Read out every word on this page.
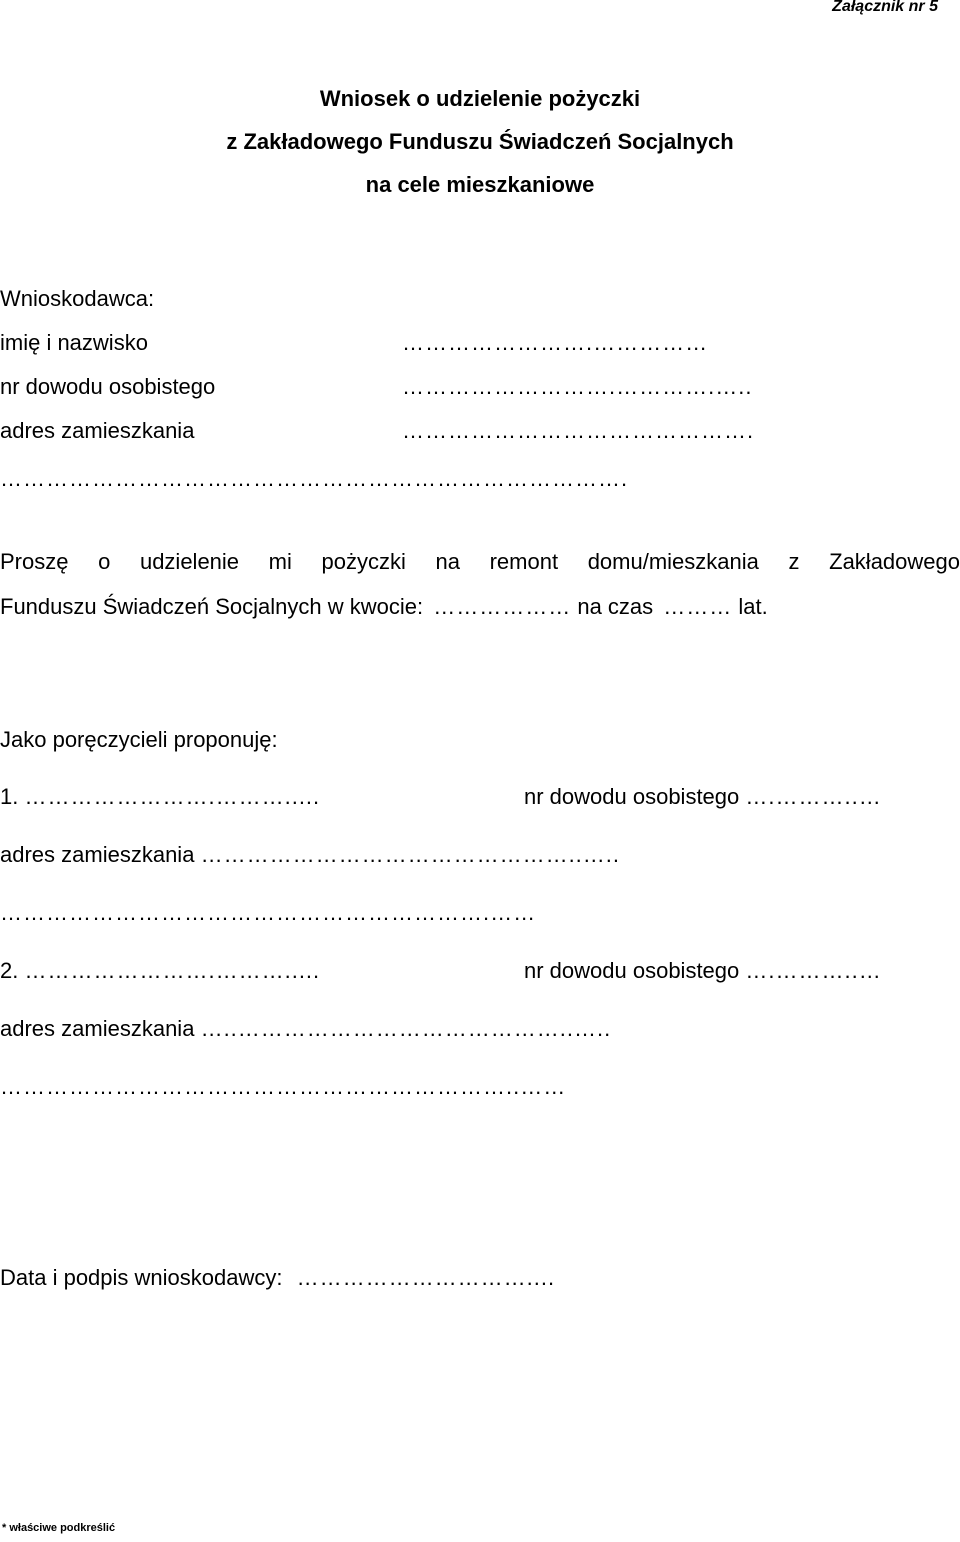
Załącznik nr 5
Wniosek o udzielenie pożyczki
z Zakładowego Funduszu Świadczeń Socjalnych
na cele mieszkaniowe
Wnioskodawca:
imię i nazwisko	…………………….……………
nr dowodu osobistego	……………………….………….…..
adres zamieszkania	……………………………………….
……………………………………………………………………….
Proszę o udzielenie mi pożyczki na remont domu/mieszkania z Zakładowego
Funduszu Świadczeń Socjalnych w kwocie: ……………… na czas ……… lat.
Jako poręczycieli proponuję:
1. …………………….……….....	nr dowodu osobistego ….………..…
adres zamieszkania …………………………………………..…..
……………………………………………………….……
2. …………………….……….....	nr dowodu osobistego ….………..…
adres zamieszkania …..……………………………………..…..
…………………………………………………………..……
Data i podpis wnioskodawcy: …………………………....
* właściwe podkreślić
